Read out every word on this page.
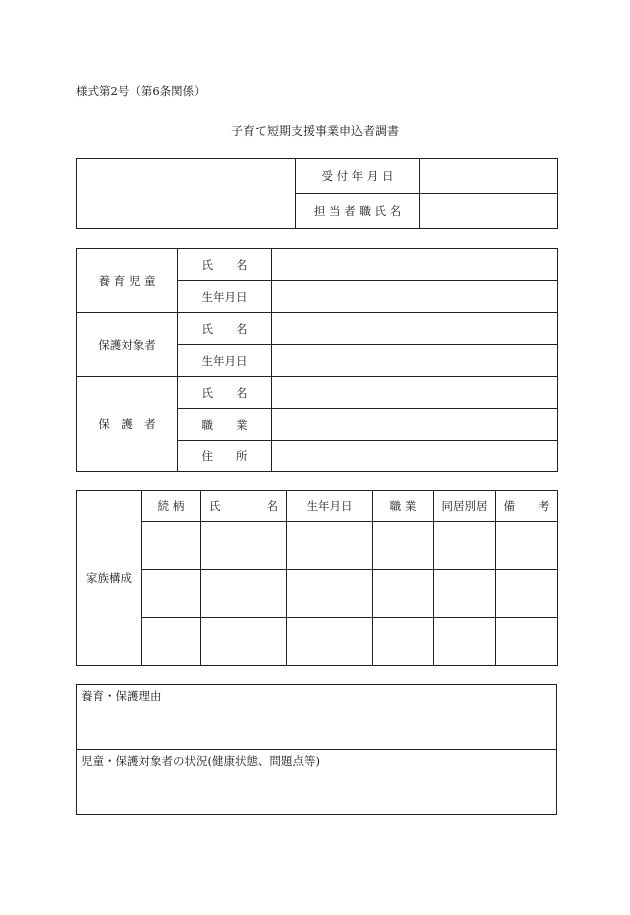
様式第2号（第6条関係）
子育て短期支援事業申込者調書
	受 付 年 月 日	
	担 当 者 職 氏 名	
養 育 児 童	氏　　名	
	生年月日	
保護対象者	氏　　名	
	生年月日	
保　護　者	氏　　名	
	職　　業	
	住　　所	
家族構成	続 柄	氏　　　　名	生年月日	職 業	同居別居	備　　考

養育・保護理由
児童・保護対象者の状況(健康状態、問題点等)
